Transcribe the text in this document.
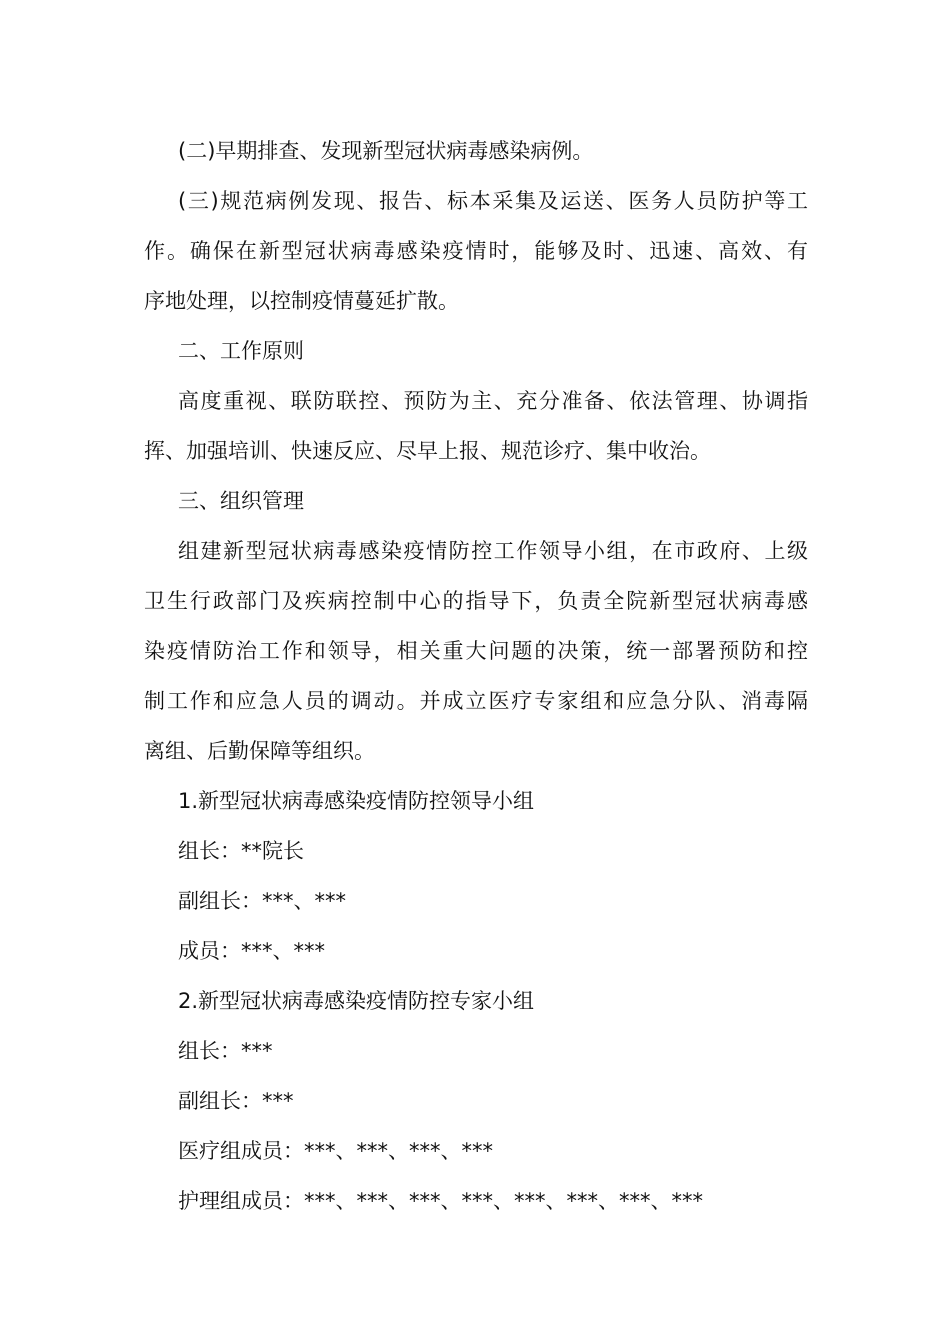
(二)早期排查、发现新型冠状病毒感染病例。
(三)规范病例发现、报告、标本采集及运送、医务人员防护等工
作。确保在新型冠状病毒感染疫情时，能够及时、迅速、高效、有
序地处理，以控制疫情蔓延扩散。
二、工作原则
高度重视、联防联控、预防为主、充分准备、依法管理、协调指
挥、加强培训、快速反应、尽早上报、规范诊疗、集中收治。
三、组织管理
组建新型冠状病毒感染疫情防控工作领导小组，在市政府、上级
卫生行政部门及疾病控制中心的指导下，负责全院新型冠状病毒感
染疫情防治工作和领导，相关重大问题的决策，统一部署预防和控
制工作和应急人员的调动。并成立医疗专家组和应急分队、消毒隔
离组、后勤保障等组织。
1.新型冠状病毒感染疫情防控领导小组
组长：**院长
副组长：***、***
成员：***、***
2.新型冠状病毒感染疫情防控专家小组
组长：***
副组长：***
医疗组成员：***、***、***、***
护理组成员：***、***、***、***、***、***、***、***
